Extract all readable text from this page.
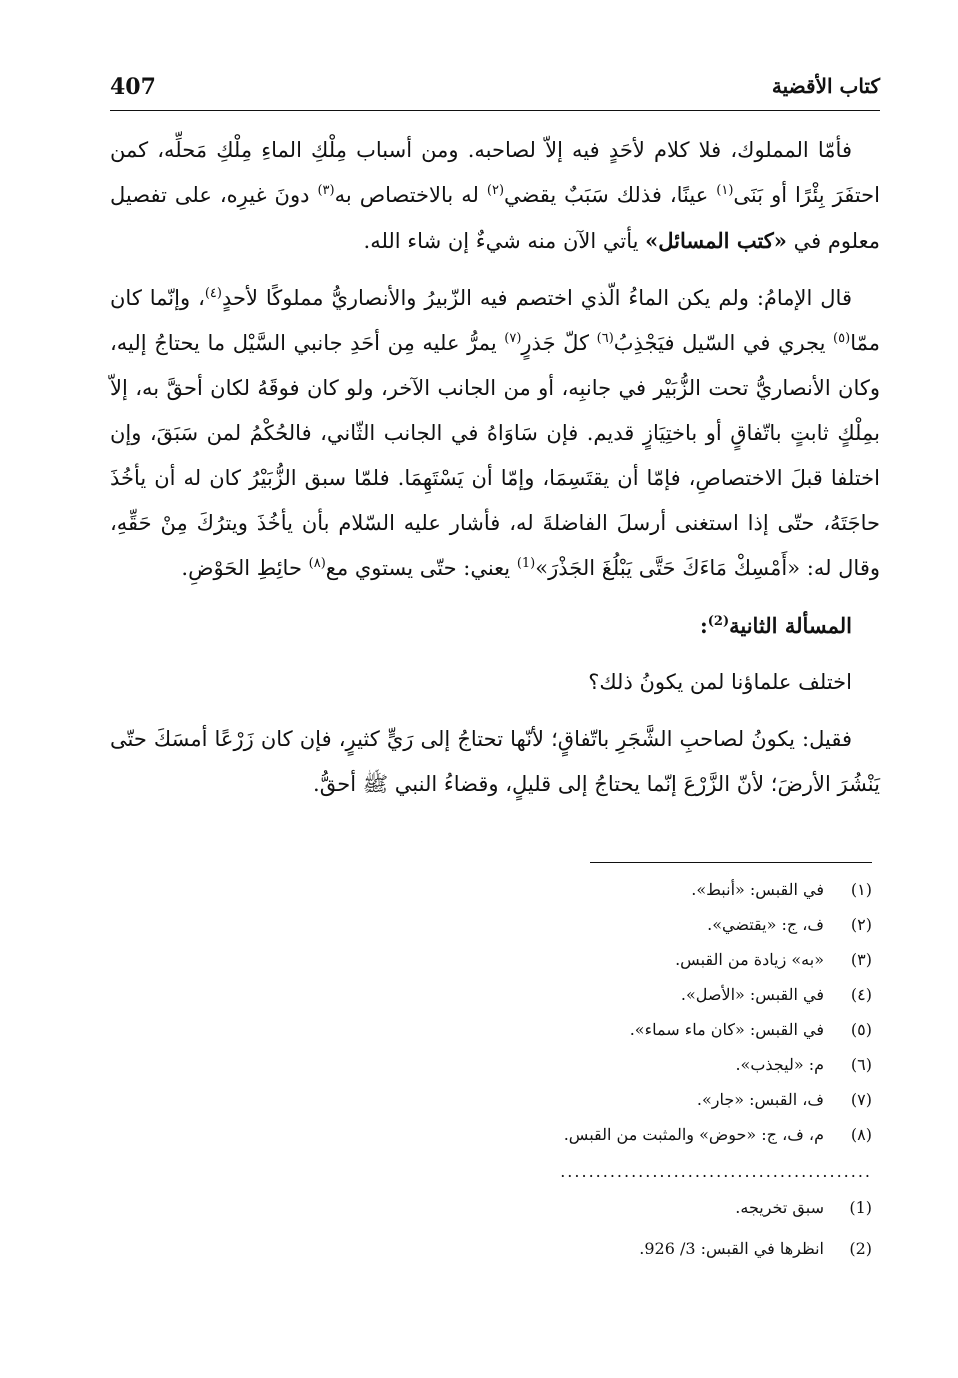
407	كتاب الأقضية

فأمّا المملوك، فلا كلام لأحَدٍ فيه إلاّ لصاحبه. ومن أسباب مِلْكِ الماءِ مِلْكِ مَحلِّه، كمن احتفَرَ بِئْرًا أو بَنَى$^{(١)}$ عينًا، فذلك سَبَبٌ يقضي$^{(٢)}$ له بالاختصاص به$^{(٣)}$ دونَ غيرِه، على تفصيل معلوم في «كتب المسائل» يأتي الآن منه شيءٌ إن شاء الله.

قال الإمامُ: ولم يكن الماءُ الّذي اختصم فيه الزّبيرُ والأنصاريُّ مملوكًا لأحدٍ$^{(٤)}$، وإنّما كان ممّا$^{(٥)}$ يجري في السّيل فيَجْذِبُ$^{(٦)}$ كلّ جَذرٍ$^{(٧)}$ يمرُّ عليه مِن أحَدِ جانبي السَّيْل ما يحتاجُ إليه، وكان الأنصاريُّ تحت الزُّبَيْر في جانبِه، أو من الجانب الآخر، ولو كان فوقَهُ لكان أحقَّ به، إلاّ بمِلْكٍ ثابتٍ باتّفاقٍ أو باختِيَازٍ قديم. فإن سَاوَاهُ في الجانب الثّاني، فالحُكْمُ لمن سَبَقَ، وإن اختلفا قبلَ الاختصاصِ، فإمّا أن يقتَسِمَا، وإمّا أن يَسْتَهِمَا. فلمّا سبق الزُّبَيْرُ كان له أن يأخُذَ حاجَتَهُ، حتّى إذا استغنى أرسلَ الفاضلةَ له، فأشار عليه السّلام بأن يأخُذَ ويترُكَ مِنْ حَقِّهِ، وقال له: «أَمْسِكْ مَاءَكَ حَتَّى يَبْلُغَ الجَذْرَ»$^{(1)}$ يعني: حتّى يستوي مع$^{(٨)}$ حائِطِ الحَوْضِ.

المسألة الثانية$^{(2)}$:

اختلف علماؤنا لمن يكونُ ذلك؟

فقيل: يكونُ لصاحبِ الشَّجَرِ باتّفاقٍ؛ لأنّها تحتاجُ إلى رَيٍّ كثيرٍ، فإن كان زَرْعًا أمسَكَ حتّى يَنْشُرَ الأرضَ؛ لأنّ الزَّرْعَ إنّما يحتاجُ إلى قليلٍ، وقضاءُ النبي ﷺ أحقُّ.

(١)
في القبس: «أنبط».
(٢)
ف، ج: «يقتضي».
(٣)
«به» زيادة من القبس.
(٤)
في القبس: «الأصل».
(٥)
في القبس: «كان ماء سماء».
(٦)
م: «ليجذب».
(٧)
ف، القبس: «جار».
(٨)
م، ف، ج: «حوض» والمثبت من القبس.
............................................
(1)
سبق تخريجه.
(2)
انظرها في القبس: 3/ 926.
